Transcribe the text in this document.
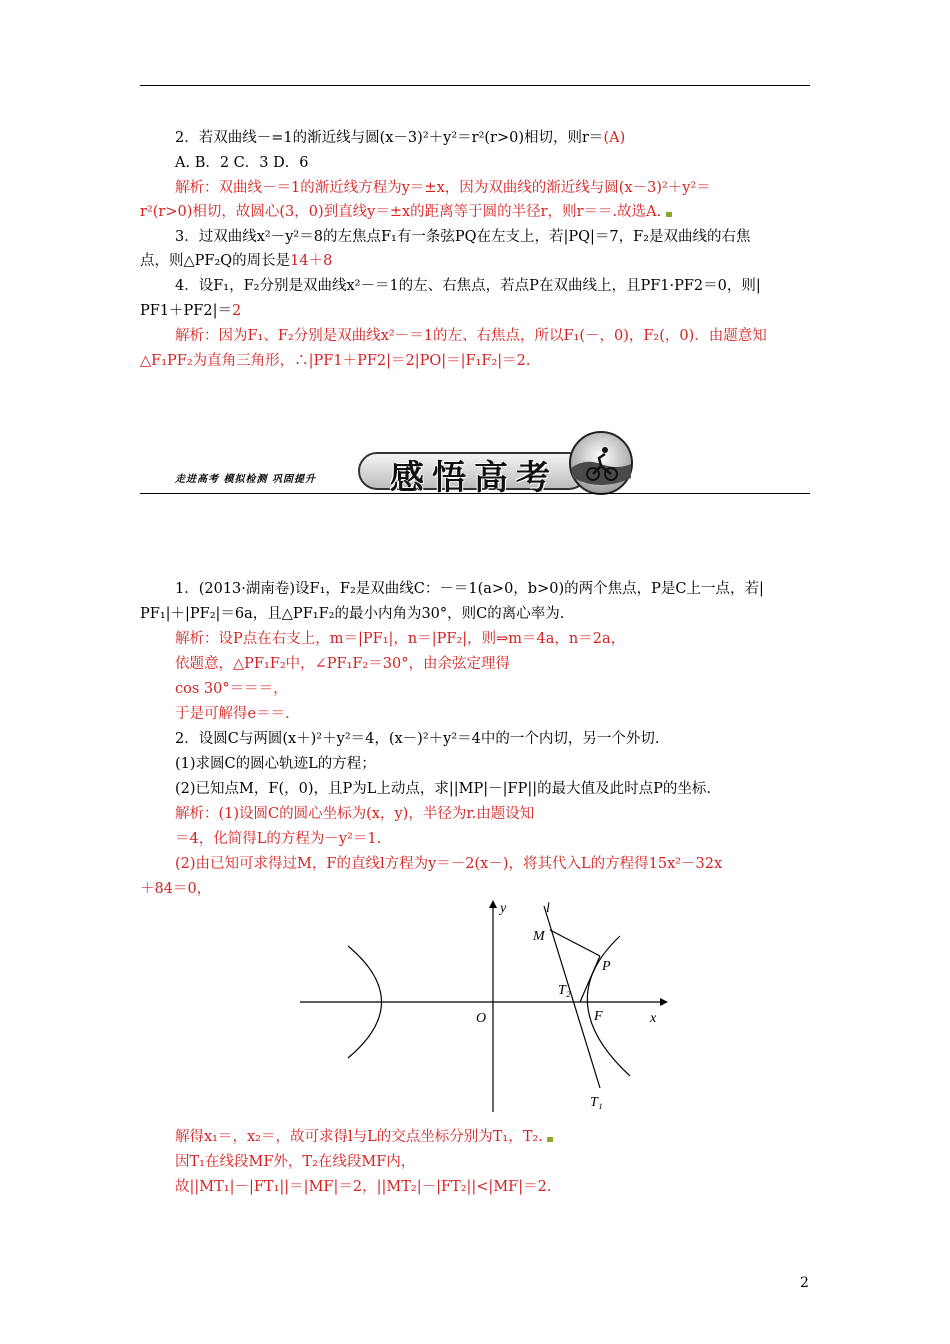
2．若双曲线－=1的渐近线与圆(x－3)²＋y²＝r²(r>0)相切，则r＝(A)
A. B．2 C．3 D．6
解析：双曲线－＝1的渐近线方程为y＝±x，因为双曲线的渐近线与圆(x－3)²＋y²＝
r²(r>0)相切，故圆心(3，0)到直线y＝±x的距离等于圆的半径r，则r＝＝.故选A.
3．过双曲线x²－y²＝8的左焦点F₁有一条弦PQ在左支上，若|PQ|＝7，F₂是双曲线的右焦
点，则△PF₂Q的周长是14＋8
4．设F₁，F₂分别是双曲线x²－＝1的左、右焦点，若点P在双曲线上，且PF1·PF2＝0，则|
PF1＋PF2|＝2
解析：因为F₁、F₂分别是双曲线x²－＝1的左、右焦点，所以F₁(－，0)，F₂(，0)．由题意知
△F₁PF₂为直角三角形，∴|PF1＋PF2|＝2|PO|＝|F₁F₂|＝2.
走进高考 模拟检测 巩固提升 感悟高考
1．(2013·湖南卷)设F₁，F₂是双曲线C：－＝1(a>0，b>0)的两个焦点，P是C上一点，若|
PF₁|＋|PF₂|＝6a，且△PF₁F₂的最小内角为30°，则C的离心率为.
解析：设P点在右支上，m＝|PF₁|，n＝|PF₂|，则⇒m＝4a，n＝2a，
依题意，△PF₁F₂中，∠PF₁F₂＝30°，由余弦定理得
cos 30°＝＝＝，
于是可解得e＝＝.
2．设圆C与两圆(x＋)²＋y²＝4，(x－)²＋y²＝4中的一个内切，另一个外切.
(1)求圆C的圆心轨迹L的方程；
(2)已知点M，F(，0)，且P为L上动点，求||MP|－|FP||的最大值及此时点P的坐标.
解析：(1)设圆C的圆心坐标为(x，y)，半径为r.由题设知
＝4，化简得L的方程为－y²＝1.
(2)由已知可求得过M，F的直线l方程为y＝－2(x－)，将其代入L的方程得15x²－32x
＋84＝0，
y	l
M
P
T₂
O	F	x
T₁
解得x₁＝，x₂＝，故可求得l与L的交点坐标分别为T₁，T₂.
因T₁在线段MF外，T₂在线段MF内，
故||MT₁|－|FT₁||＝|MF|＝2，||MT₂|－|FT₂||<|MF|＝2.
2
